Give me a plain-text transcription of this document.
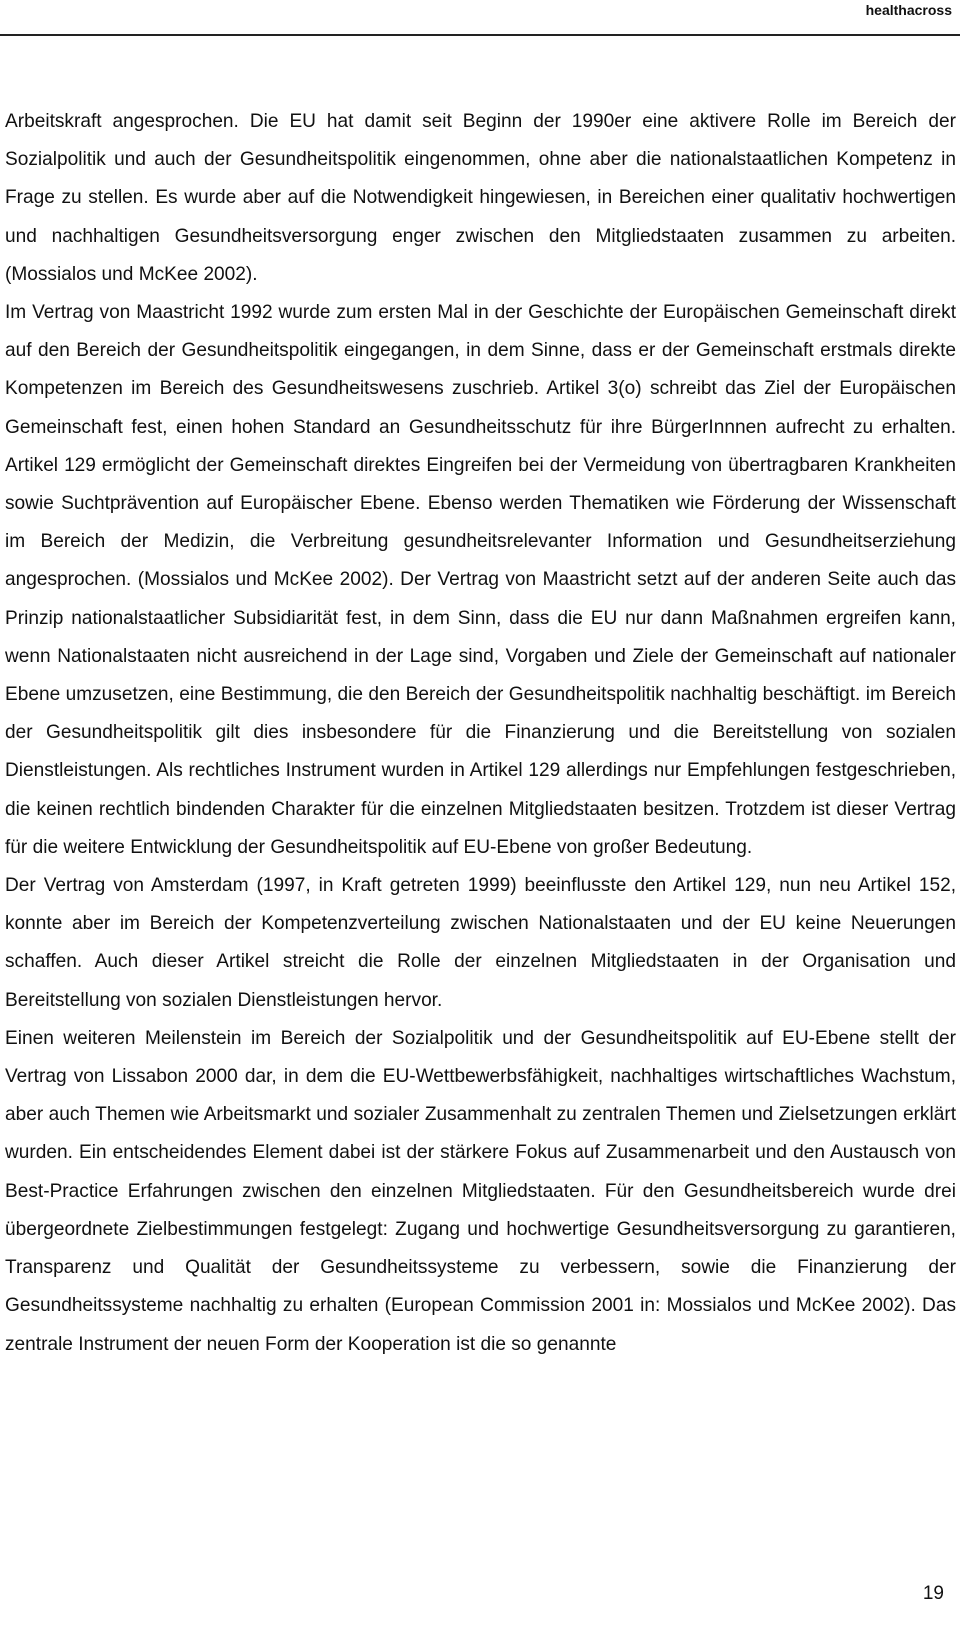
healthacross

Arbeitskraft angesprochen. Die EU hat damit seit Beginn der 1990er eine aktivere Rolle im Bereich der Sozialpolitik und auch der Gesundheitspolitik eingenommen, ohne aber die nationalstaatlichen Kompetenz in Frage zu stellen. Es wurde aber auf die Notwendigkeit hingewiesen, in Bereichen einer qualitativ hochwertigen und nachhaltigen Gesundheitsversorgung enger zwischen den Mitgliedstaaten zusammen zu arbeiten. (Mossialos und McKee 2002).

Im Vertrag von Maastricht 1992 wurde zum ersten Mal in der Geschichte der Europäischen Gemeinschaft direkt auf den Bereich der Gesundheitspolitik eingegangen, in dem Sinne, dass er der Gemeinschaft erstmals direkte Kompetenzen im Bereich des Gesundheitswesens zuschrieb. Artikel 3(o) schreibt das Ziel der Europäischen Gemeinschaft fest, einen hohen Standard an Gesundheitsschutz für ihre BürgerInnnen aufrecht zu erhalten. Artikel 129 ermöglicht der Gemeinschaft direktes Eingreifen bei der Vermeidung von übertragbaren Krankheiten sowie Suchtprävention auf Europäischer Ebene. Ebenso werden Thematiken wie Förderung der Wissenschaft im Bereich der Medizin, die Verbreitung gesundheitsrelevanter Information und Gesundheitserziehung angesprochen. (Mossialos und McKee 2002). Der Vertrag von Maastricht setzt auf der anderen Seite auch das Prinzip nationalstaatlicher Subsidiarität fest, in dem Sinn, dass die EU nur dann Maßnahmen ergreifen kann, wenn Nationalstaaten nicht ausreichend in der Lage sind, Vorgaben und Ziele der Gemeinschaft auf nationaler Ebene umzusetzen, eine Bestimmung, die den Bereich der Gesundheitspolitik nachhaltig beschäftigt. im Bereich der Gesundheitspolitik gilt dies insbesondere für die Finanzierung und die Bereitstellung von sozialen Dienstleistungen. Als rechtliches Instrument wurden in Artikel 129 allerdings nur Empfehlungen festgeschrieben, die keinen rechtlich bindenden Charakter für die einzelnen Mitgliedstaaten besitzen. Trotzdem ist dieser Vertrag für die weitere Entwicklung der Gesundheitspolitik auf EU-Ebene von großer Bedeutung.

Der Vertrag von Amsterdam (1997, in Kraft getreten 1999) beeinflusste den Artikel 129, nun neu Artikel 152, konnte aber im Bereich der Kompetenzverteilung zwischen Nationalstaaten und der EU keine Neuerungen schaffen. Auch dieser Artikel streicht die Rolle der einzelnen Mitgliedstaaten in der Organisation und Bereitstellung von sozialen Dienstleistungen hervor.

Einen weiteren Meilenstein im Bereich der Sozialpolitik und der Gesundheitspolitik auf EU-Ebene stellt der Vertrag von Lissabon 2000 dar, in dem die EU-Wettbewerbsfähigkeit, nachhaltiges wirtschaftliches Wachstum, aber auch Themen wie Arbeitsmarkt und sozialer Zusammenhalt zu zentralen Themen und Zielsetzungen erklärt wurden. Ein entscheidendes Element dabei ist der stärkere Fokus auf Zusammenarbeit und den Austausch von Best-Practice Erfahrungen zwischen den einzelnen Mitgliedstaaten. Für den Gesundheitsbereich wurde drei übergeordnete Zielbestimmungen festgelegt: Zugang und hochwertige Gesundheitsversorgung zu garantieren, Transparenz und Qualität der Gesundheitssysteme zu verbessern, sowie die Finanzierung der Gesundheitssysteme nachhaltig zu erhalten (European Commission 2001 in: Mossialos und McKee 2002). Das zentrale Instrument der neuen Form der Kooperation ist die so genannte

19
